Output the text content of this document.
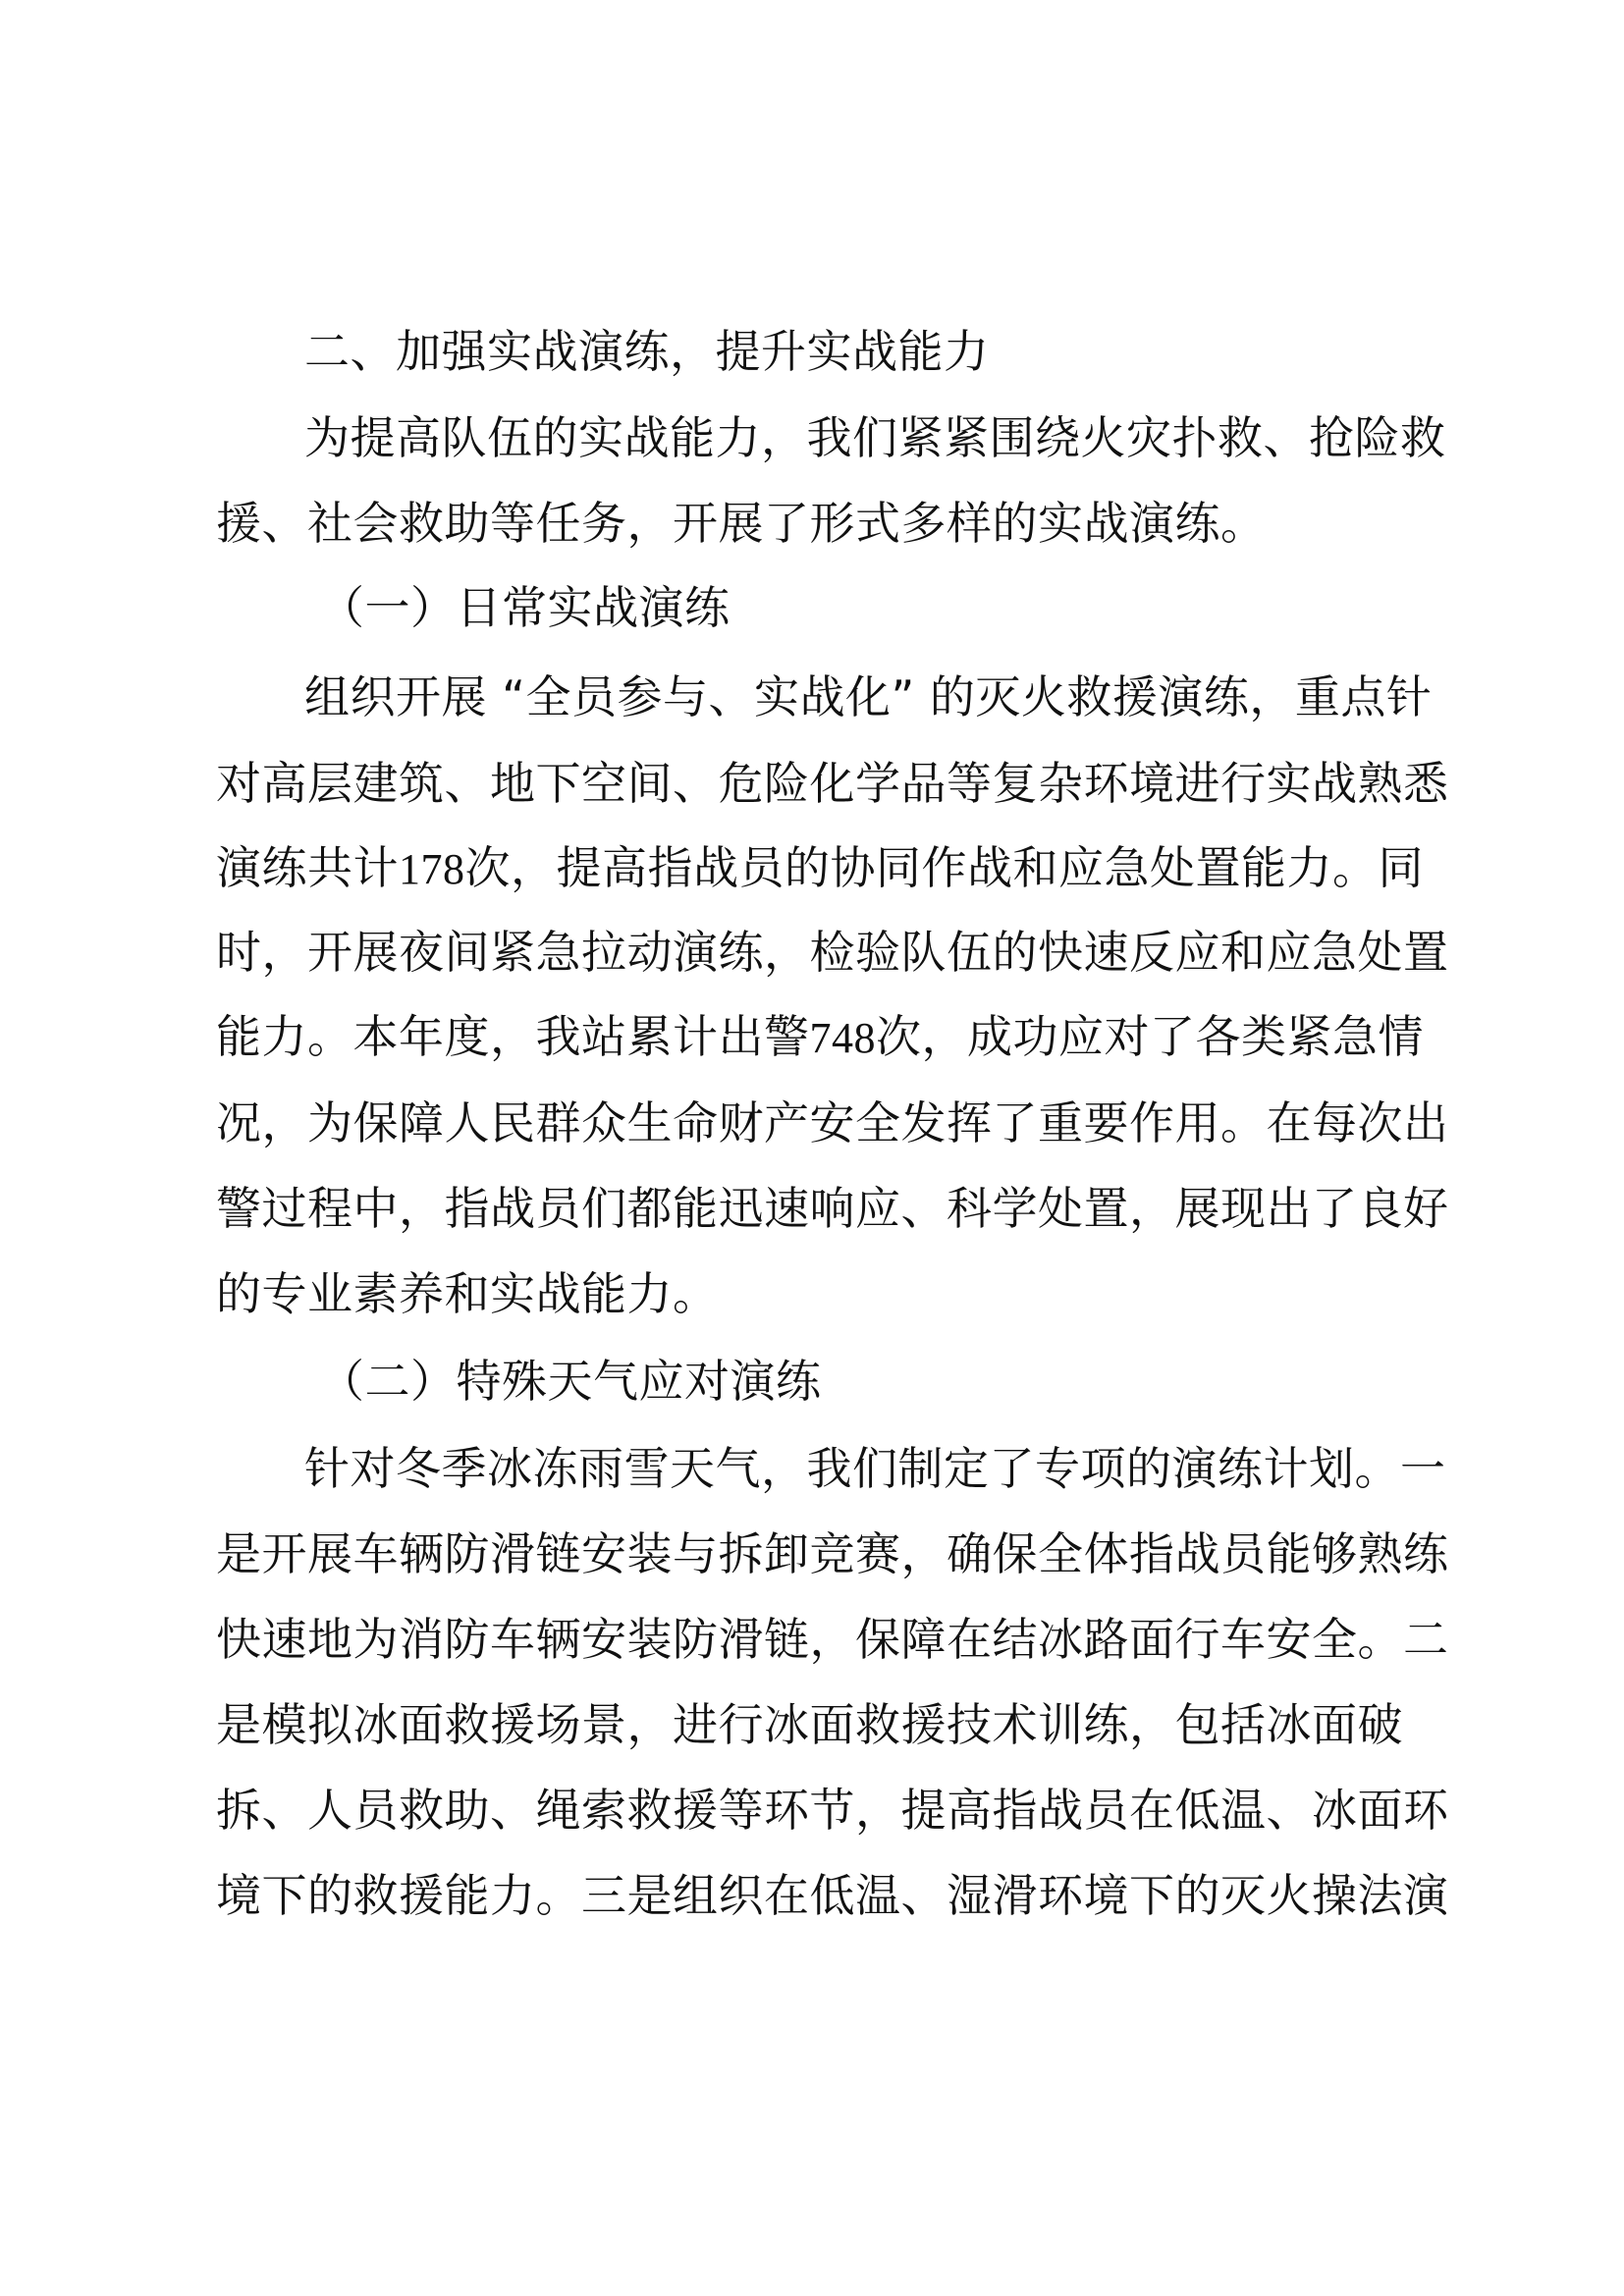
二、加强实战演练，提升实战能力
为提高队伍的实战能力，我们紧紧围绕火灾扑救、抢险救
援、社会救助等任务，开展了形式多样的实战演练。
（一）日常实战演练
组织开展 “全员参与、实战化” 的灭火救援演练，重点针
对高层建筑、地下空间、危险化学品等复杂环境进行实战熟悉
演练共计178次，提高指战员的协同作战和应急处置能力。同
时，开展夜间紧急拉动演练，检验队伍的快速反应和应急处置
能力。本年度，我站累计出警748次，成功应对了各类紧急情
况，为保障人民群众生命财产安全发挥了重要作用。在每次出
警过程中，指战员们都能迅速响应、科学处置，展现出了良好
的专业素养和实战能力。
（二）特殊天气应对演练
针对冬季冰冻雨雪天气，我们制定了专项的演练计划。一
是开展车辆防滑链安装与拆卸竞赛，确保全体指战员能够熟练
快速地为消防车辆安装防滑链，保障在结冰路面行车安全。二
是模拟冰面救援场景，进行冰面救援技术训练，包括冰面破
拆、人员救助、绳索救援等环节，提高指战员在低温、冰面环
境下的救援能力。三是组织在低温、湿滑环境下的灭火操法演
